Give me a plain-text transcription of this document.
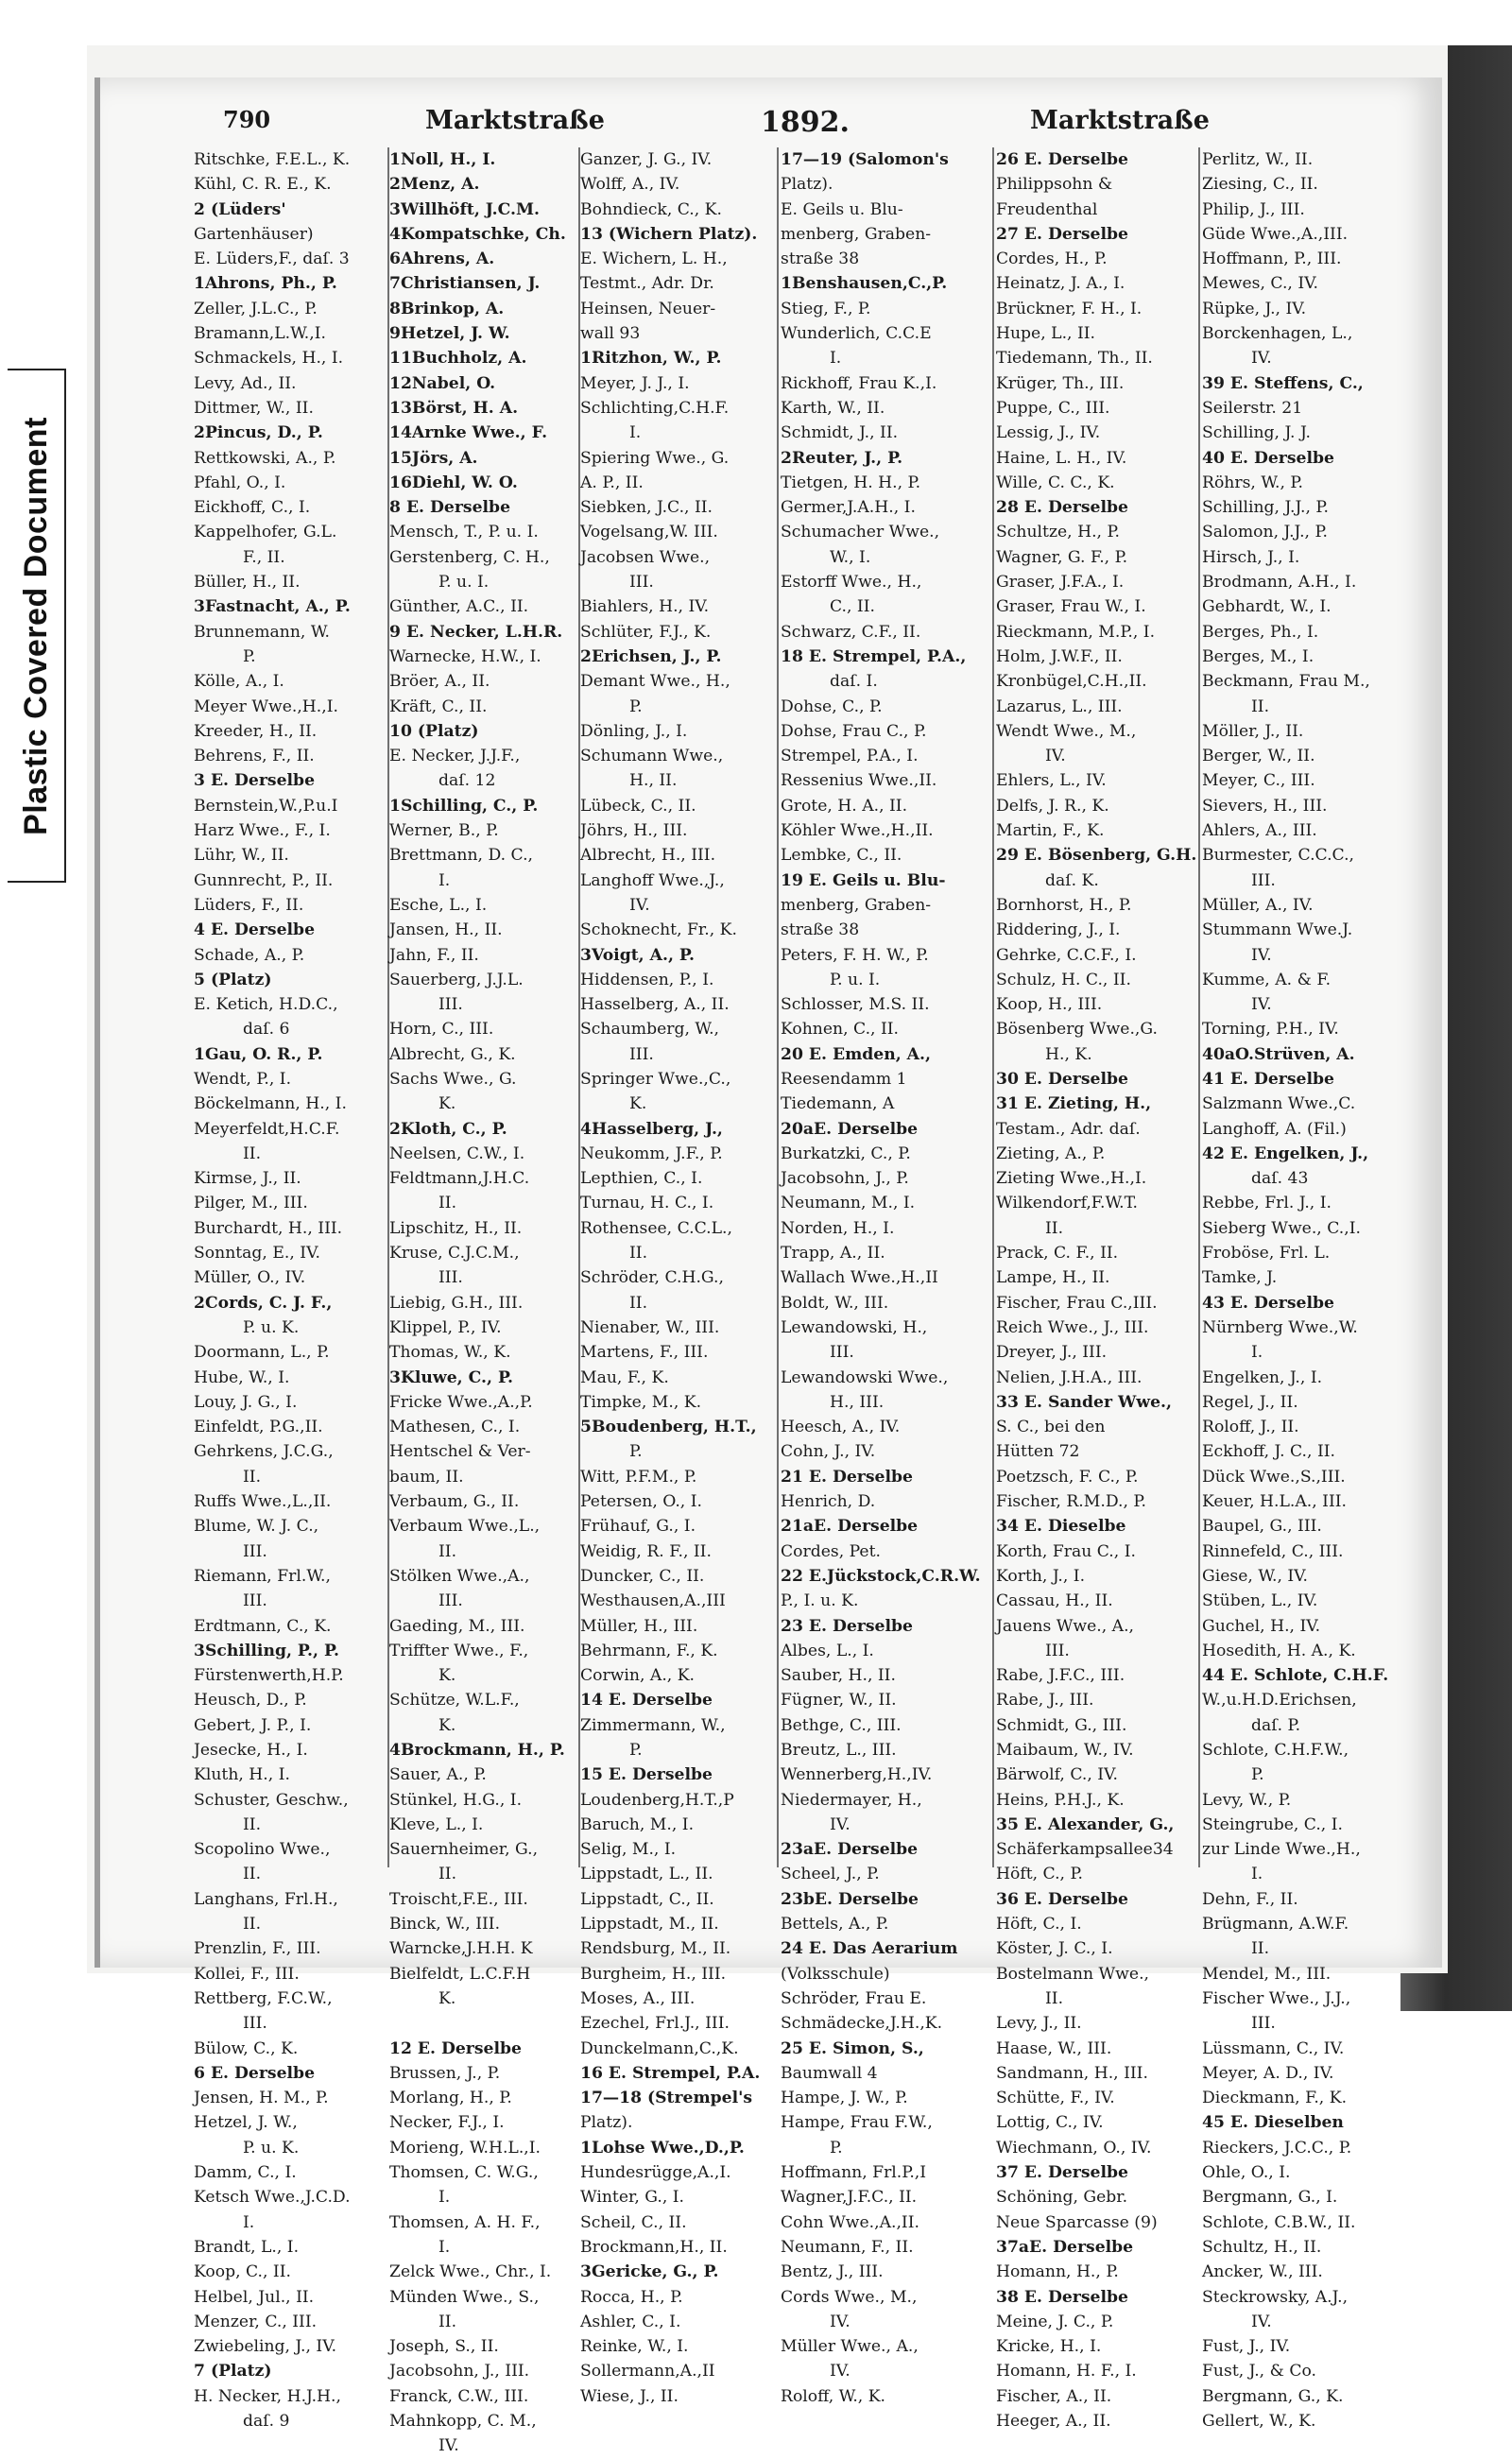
Plastic Covered Document
790	Marktstraße	1892.	Marktstraße
Ritschke, F.E.L., K.
Kühl, C. R. E., K.
2 (Lüders'
Gartenhäuser)
E. Lüders,F., daſ. 3
1Ahrons, Ph., P.
Zeller, J.L.C., P.
Bramann,L.W.,I.
Schmackels, H., I.
Levy, Ad., II.
Dittmer, W., II.
2Pincus, D., P.
Rettkowski, A., P.
Pfahl, O., I.
Eickhoff, C., I.
Kappelhofer, G.L.
F., II.
Büller, H., II.
3Fastnacht, A., P.
Brunnemann, W.
P.
Kölle, A., I.
Meyer Wwe.,H.,I.
Kreeder, H., II.
Behrens, F., II.
3 E. Derselbe
Bernstein,W.,P.u.I
Harz Wwe., F., I.
Lühr, W., II.
Gunnrecht, P., II.
Lüders, F., II.
4 E. Derselbe
Schade, A., P.
5 (Platz)
E. Ketich, H.D.C.,
daſ. 6
1Gau, O. R., P.
Wendt, P., I.
Böckelmann, H., I.
Meyerfeldt,H.C.F.
II.
Kirmse, J., II.
Pilger, M., III.
Burchardt, H., III.
Sonntag, E., IV.
Müller, O., IV.
2Cords, C. J. F.,
P. u. K.
Doormann, L., P.
Hube, W., I.
Louy, J. G., I.
Einfeldt, P.G.,II.
Gehrkens, J.C.G.,
II.
Ruffs Wwe.,L.,II.
Blume, W. J. C.,
III.
Riemann, Frl.W.,
III.
Erdtmann, C., K.
3Schilling, P., P.
Fürstenwerth,H.P.
Heusch, D., P.
Gebert, J. P., I.
Jesecke, H., I.
Kluth, H., I.
Schuster, Geschw.,
II.
Scopolino Wwe.,
II.
Langhans, Frl.H.,
II.
Prenzlin, F., III.
Kollei, F., III.
Rettberg, F.C.W.,
III.
Bülow, C., K.
6 E. Derselbe
Jensen, H. M., P.
Hetzel, J. W.,
P. u. K.
Damm, C., I.
Ketsch Wwe.,J.C.D.
I.
Brandt, L., I.
Koop, C., II.
Helbel, Jul., II.
Menzer, C., III.
Zwiebeling, J., IV.
7 (Platz)
H. Necker, H.J.H.,
daſ. 9
1Noll, H., I.
2Menz, A.
3Willhöft, J.C.M.
4Kompatschke, Ch.
6Ahrens, A.
7Christiansen, J.
8Brinkop, A.
9Hetzel, J. W.
11Buchholz, A.
12Nabel, O.
13Börst, H. A.
14Arnke Wwe., F.
15Jörs, A.
16Diehl, W. O.
8 E. Derselbe
Mensch, T., P. u. I.
Gerstenberg, C. H.,
P. u. I.
Günther, A.C., II.
9 E. Necker, L.H.R.
Warnecke, H.W., I.
Bröer, A., II.
Kräft, C., II.
10 (Platz)
E. Necker, J.J.F.,
daſ. 12
1Schilling, C., P.
Werner, B., P.
Brettmann, D. C.,
I.
Esche, L., I.
Jansen, H., II.
Jahn, F., II.
Sauerberg, J.J.L.
III.
Horn, C., III.
Albrecht, G., K.
Sachs Wwe., G.
K.
2Kloth, C., P.
Neelsen, C.W., I.
Feldtmann,J.H.C.
II.
Lipschitz, H., II.
Kruse, C.J.C.M.,
III.
Liebig, G.H., III.
Klippel, P., IV.
Thomas, W., K.
3Kluwe, C., P.
Fricke Wwe.,A.,P.
Mathesen, C., I.
Hentschel & Ver-
baum, II.
Verbaum, G., II.
Verbaum Wwe.,L.,
II.
Stölken Wwe.,A.,
III.
Gaeding, M., III.
Triffter Wwe., F.,
K.
Schütze, W.L.F.,
K.
4Brockmann, H., P.
Sauer, A., P.
Stünkel, H.G., I.
Kleve, L., I.
Sauernheimer, G.,
II.
Troischt,F.E., III.
Binck, W., III.
Warncke,J.H.H. K
Bielfeldt, L.C.F.H
K.
12 E. Derselbe
Brussen, J., P.
Morlang, H., P.
Necker, F.J., I.
Morieng, W.H.L.,I.
Thomsen, C. W.G.,
I.
Thomsen, A. H. F.,
I.
Zelck Wwe., Chr., I.
Münden Wwe., S.,
II.
Joseph, S., II.
Jacobsohn, J., III.
Franck, C.W., III.
Mahnkopp, C. M.,
IV.
Ganzer, J. G., IV.
Wolff, A., IV.
Bohndieck, C., K.
13 (Wichern Platz).
E. Wichern, L. H.,
Testmt., Adr. Dr.
Heinsen, Neuer-
wall 93
1Ritzhon, W., P.
Meyer, J. J., I.
Schlichting,C.H.F.
I.
Spiering Wwe., G.
A. P., II.
Siebken, J.C., II.
Vogelsang,W. III.
Jacobsen Wwe.,
III.
Biahlers, H., IV.
Schlüter, F.J., K.
2Erichsen, J., P.
Demant Wwe., H.,
P.
Dönling, J., I.
Schumann Wwe.,
H., II.
Lübeck, C., II.
Jöhrs, H., III.
Albrecht, H., III.
Langhoff Wwe.,J.,
IV.
Schoknecht, Fr., K.
3Voigt, A., P.
Hiddensen, P., I.
Hasselberg, A., II.
Schaumberg, W.,
III.
Springer Wwe.,C.,
K.
4Hasselberg, J.,
Neukomm, J.F., P.
Lepthien, C., I.
Turnau, H. C., I.
Rothensee, C.C.L.,
II.
Schröder, C.H.G.,
II.
Nienaber, W., III.
Martens, F., III.
Mau, F., K.
Timpke, M., K.
5Boudenberg, H.T.,
P.
Witt, P.F.M., P.
Petersen, O., I.
Frühauf, G., I.
Weidig, R. F., II.
Duncker, C., II.
Westhausen,A.,III
Müller, H., III.
Behrmann, F., K.
Corwin, A., K.
14 E. Derselbe
Zimmermann, W.,
P.
15 E. Derselbe
Loudenberg,H.T.,P
Baruch, M., I.
Selig, M., I.
Lippstadt, L., II.
Lippstadt, C., II.
Lippstadt, M., II.
Rendsburg, M., II.
Burgheim, H., III.
Moses, A., III.
Ezechel, Frl.J., III.
Dunckelmann,C.,K.
16 E. Strempel, P.A.
17—18 (Strempel's
Platz).
1Lohse Wwe.,D.,P.
Hundesrügge,A.,I.
Winter, G., I.
Scheil, C., II.
Brockmann,H., II.
3Gericke, G., P.
Rocca, H., P.
Ashler, C., I.
Reinke, W., I.
Sollermann,A.,II
Wiese, J., II.
17—19 (Salomon's
Platz).
E. Geils u. Blu-
menberg, Graben-
straße 38
1Benshausen,C.,P.
Stieg, F., P.
Wunderlich, C.C.E
I.
Rickhoff, Frau K.,I.
Karth, W., II.
Schmidt, J., II.
2Reuter, J., P.
Tietgen, H. H., P.
Germer,J.A.H., I.
Schumacher Wwe.,
W., I.
Estorff Wwe., H.,
C., II.
Schwarz, C.F., II.
18 E. Strempel, P.A.,
daſ. I.
Dohse, C., P.
Dohse, Frau C., P.
Strempel, P.A., I.
Ressenius Wwe.,II.
Grote, H. A., II.
Köhler Wwe.,H.,II.
Lembke, C., II.
19 E. Geils u. Blu-
menberg, Graben-
straße 38
Peters, F. H. W., P.
P. u. I.
Schlosser, M.S. II.
Kohnen, C., II.
20 E. Emden, A.,
Reesendamm 1
Tiedemann, A
20aE. Derselbe
Burkatzki, C., P.
Jacobsohn, J., P.
Neumann, M., I.
Norden, H., I.
Trapp, A., II.
Wallach Wwe.,H.,II
Boldt, W., III.
Lewandowski, H.,
III.
Lewandowski Wwe.,
H., III.
Heesch, A., IV.
Cohn, J., IV.
21 E. Derselbe
Henrich, D.
21aE. Derselbe
Cordes, Pet.
22 E.Jückstock,C.R.W.
P., I. u. K.
23 E. Derselbe
Albes, L., I.
Sauber, H., II.
Fügner, W., II.
Bethge, C., III.
Breutz, L., III.
Wennerberg,H.,IV.
Niedermayer, H.,
IV.
23aE. Derselbe
Scheel, J., P.
23bE. Derselbe
Bettels, A., P.
24 E. Das Aerarium
(Volksschule)
Schröder, Frau E.
Schmädecke,J.H.,K.
25 E. Simon, S.,
Baumwall 4
Hampe, J. W., P.
Hampe, Frau F.W.,
P.
Hoffmann, Frl.P.,I
Wagner,J.F.C., II.
Cohn Wwe.,A.,II.
Neumann, F., II.
Bentz, J., III.
Cords Wwe., M.,
IV.
Müller Wwe., A.,
IV.
Roloff, W., K.
26 E. Derselbe
Philippsohn &
Freudenthal
27 E. Derselbe
Cordes, H., P.
Heinatz, J. A., I.
Brückner, F. H., I.
Hupe, L., II.
Tiedemann, Th., II.
Krüger, Th., III.
Puppe, C., III.
Lessig, J., IV.
Haine, L. H., IV.
Wille, C. C., K.
28 E. Derselbe
Schultze, H., P.
Wagner, G. F., P.
Graser, J.F.A., I.
Graser, Frau W., I.
Rieckmann, M.P., I.
Holm, J.W.F., II.
Kronbügel,C.H.,II.
Lazarus, L., III.
Wendt Wwe., M.,
IV.
Ehlers, L., IV.
Delfs, J. R., K.
Martin, F., K.
29 E. Bösenberg, G.H.
daſ. K.
Bornhorst, H., P.
Riddering, J., I.
Gehrke, C.C.F., I.
Schulz, H. C., II.
Koop, H., III.
Bösenberg Wwe.,G.
H., K.
30 E. Derselbe
31 E. Zieting, H.,
Testam., Adr. daſ.
Zieting, A., P.
Zieting Wwe.,H.,I.
Wilkendorf,F.W.T.
II.
Prack, C. F., II.
Lampe, H., II.
Fischer, Frau C.,III.
Reich Wwe., J., III.
Dreyer, J., III.
Nelien, J.H.A., III.
33 E. Sander Wwe.,
S. C., bei den
Hütten 72
Poetzsch, F. C., P.
Fischer, R.M.D., P.
34 E. Dieselbe
Korth, Frau C., I.
Korth, J., I.
Cassau, H., II.
Jauens Wwe., A.,
III.
Rabe, J.F.C., III.
Rabe, J., III.
Schmidt, G., III.
Maibaum, W., IV.
Bärwolf, C., IV.
Heins, P.H.J., K.
35 E. Alexander, G.,
Schäferkampsallee34
Höft, C., P.
36 E. Derselbe
Höft, C., I.
Köster, J. C., I.
Bostelmann Wwe.,
II.
Levy, J., II.
Haase, W., III.
Sandmann, H., III.
Schütte, F., IV.
Lottig, C., IV.
Wiechmann, O., IV.
37 E. Derselbe
Schöning, Gebr.
Neue Sparcasse (9)
37aE. Derselbe
Homann, H., P.
38 E. Derselbe
Meine, J. C., P.
Kricke, H., I.
Homann, H. F., I.
Fischer, A., II.
Heeger, A., II.
Perlitz, W., II.
Ziesing, C., II.
Philip, J., III.
Güde Wwe.,A.,III.
Hoffmann, P., III.
Mewes, C., IV.
Rüpke, J., IV.
Borckenhagen, L.,
IV.
39 E. Steffens, C.,
Seilerstr. 21
Schilling, J. J.
40 E. Derselbe
Röhrs, W., P.
Schilling, J.J., P.
Salomon, J.J., P.
Hirsch, J., I.
Brodmann, A.H., I.
Gebhardt, W., I.
Berges, Ph., I.
Berges, M., I.
Beckmann, Frau M.,
II.
Möller, J., II.
Berger, W., II.
Meyer, C., III.
Sievers, H., III.
Ahlers, A., III.
Burmester, C.C.C.,
III.
Müller, A., IV.
Stummann Wwe.J.
IV.
Kumme, A. & F.
IV.
Torning, P.H., IV.
40aO.Strüven, A.
41 E. Derselbe
Salzmann Wwe.,C.
Langhoff, A. (Fil.)
42 E. Engelken, J.,
daſ. 43
Rebbe, Frl. J., I.
Sieberg Wwe., C.,I.
Froböse, Frl. L.
Tamke, J.
43 E. Derselbe
Nürnberg Wwe.,W.
I.
Engelken, J., I.
Regel, J., II.
Roloff, J., II.
Eckhoff, J. C., II.
Dück Wwe.,S.,III.
Keuer, H.L.A., III.
Baupel, G., III.
Rinnefeld, C., III.
Giese, W., IV.
Stüben, L., IV.
Guchel, H., IV.
Hosedith, H. A., K.
44 E. Schlote, C.H.F.
W.,u.H.D.Erichsen,
daſ. P.
Schlote, C.H.F.W.,
P.
Levy, W., P.
Steingrube, C., I.
zur Linde Wwe.,H.,
I.
Dehn, F., II.
Brügmann, A.W.F.
II.
Mendel, M., III.
Fischer Wwe., J.J.,
III.
Lüssmann, C., IV.
Meyer, A. D., IV.
Dieckmann, F., K.
45 E. Dieselben
Rieckers, J.C.C., P.
Ohle, O., I.
Bergmann, G., I.
Schlote, C.B.W., II.
Schultz, H., II.
Ancker, W., III.
Steckrowsky, A.J.,
IV.
Fust, J., IV.
Fust, J., & Co.
Bergmann, G., K.
Gellert, W., K.
